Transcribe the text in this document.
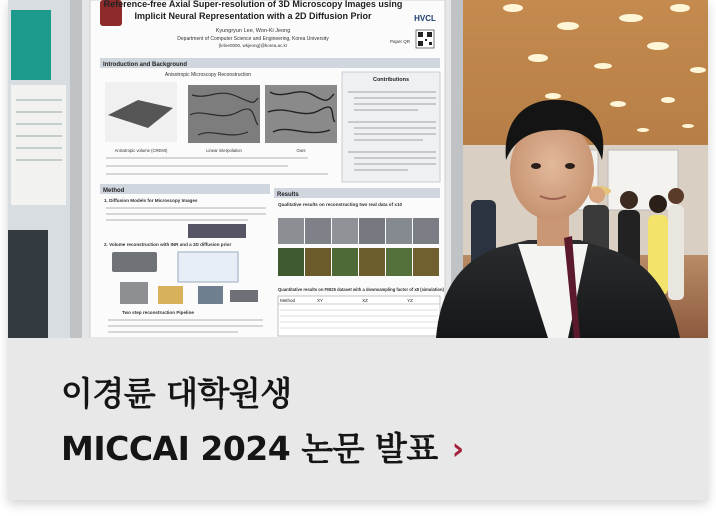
Reference-free Axial Super-resolution of 3D Microscopy Images using
Implicit Neural Representation with a 2D Diffusion Prior
Kyungryun Lee, Won-Ki Jeong
Department of Computer Science and Engineering, Korea University
{krlee0000, wkjeong}@korea.ac.kr
HVCL
Paper QR
Introduction and Background
Anisotropic Microscopy Reconstruction
Anisotropic volume (CREMI)	Linear interpolation	Ours
Contributions
Method
1. Diffusion Models for Microscopy Images
2. Volume reconstruction with INR and a 2D diffusion prior
Two step reconstruction Pipeline
Results
Qualitative results on reconstructing two real data of x10
Quantitative results on FIB25 dataset with a downsampling factor of x8 (simulation)
Method	XY	XZ	YZ
이경륜 대학원생
MICCAI 2024 논문 발표 ›
